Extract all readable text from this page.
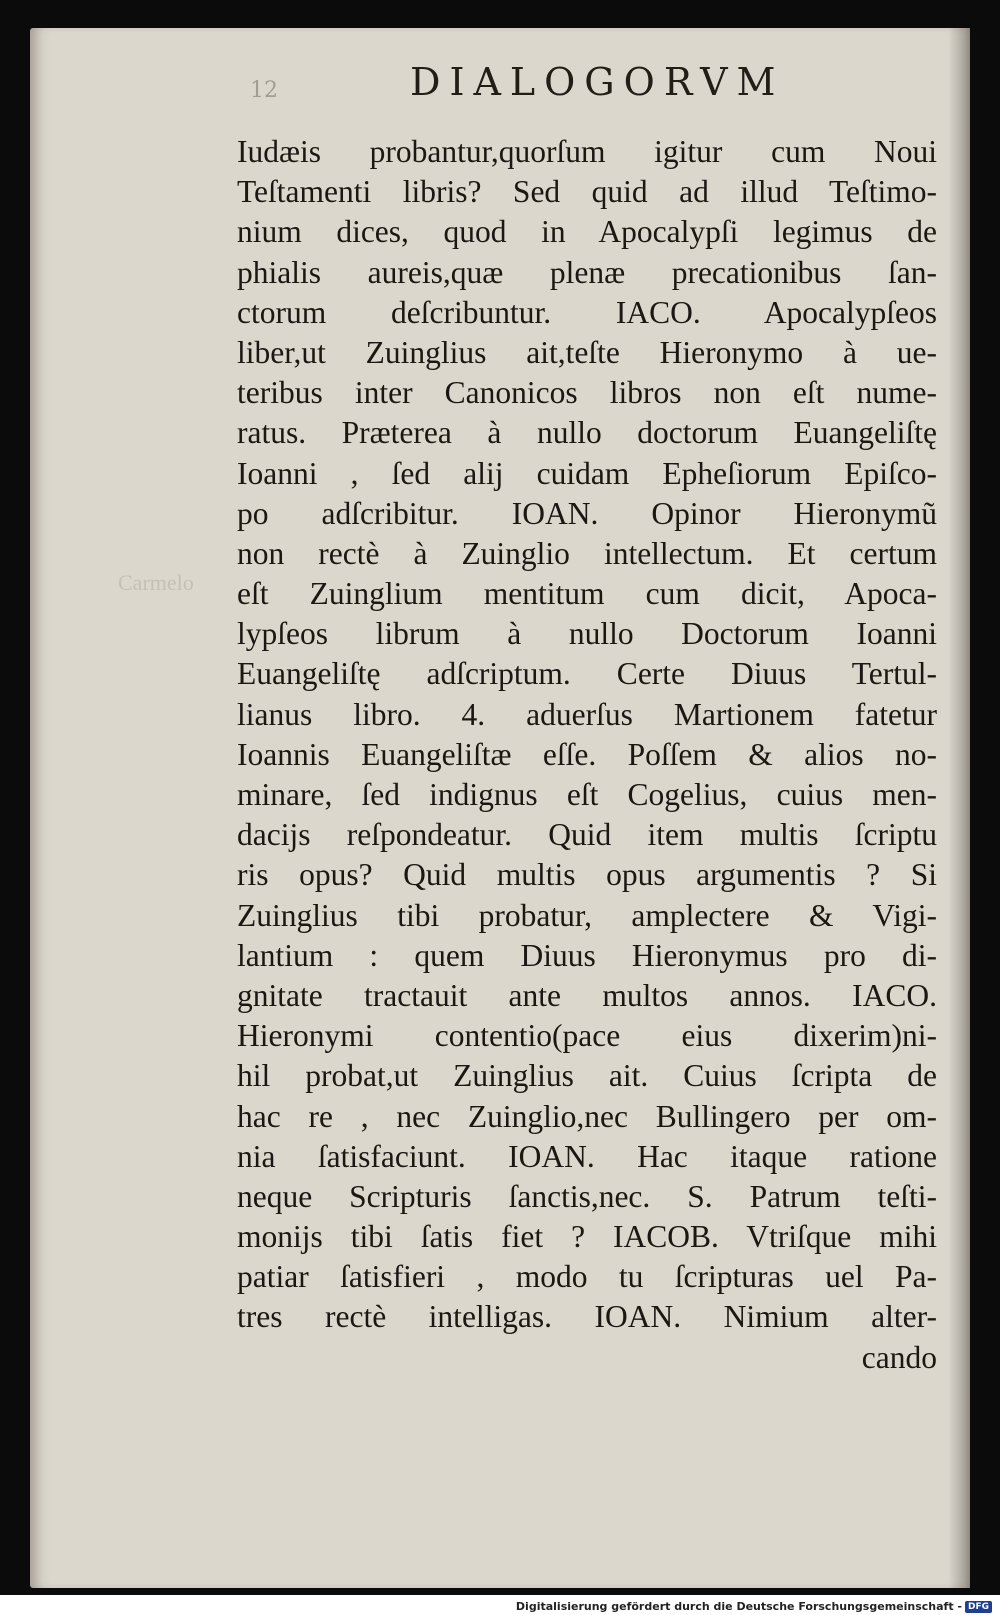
12	DIALOGORVM
Carmelo
Iudæis probantur,quorſum igitur cum Noui
Teſtamenti libris? Sed quid ad illud Teſtimo-
nium dices, quod in Apocalypſi legimus de
phialis aureis,quæ plenæ precationibus ſan-
ctorum deſcribuntur. IACO. Apocalypſeos
liber,ut Zuinglius ait,teſte Hieronymo à ue-
teribus inter Canonicos libros non eſt nume-
ratus. Præterea à nullo doctorum Euangeliſtę
Ioanni , ſed alij cuidam Epheſiorum Epiſco-
po adſcribitur. IOAN. Opinor Hieronymũ
non rectè à Zuinglio intellectum. Et certum
eſt Zuinglium mentitum cum dicit, Apoca-
lypſeos librum à nullo Doctorum Ioanni
Euangeliſtę adſcriptum. Certe Diuus Tertul-
lianus libro. 4. aduerſus Martionem fatetur
Ioannis Euangeliſtæ eſſe. Poſſem & alios no-
minare, ſed indignus eſt Cogelius, cuius men-
dacijs reſpondeatur. Quid item multis ſcriptu
ris opus? Quid multis opus argumentis ? Si
Zuinglius tibi probatur, amplectere & Vigi-
lantium : quem Diuus Hieronymus pro di-
gnitate tractauit ante multos annos. IACO.
Hieronymi contentio(pace eius dixerim)ni-
hil probat,ut Zuinglius ait. Cuius ſcripta de
hac re , nec Zuinglio,nec Bullingero per om-
nia ſatisfaciunt. IOAN. Hac itaque ratione
neque Scripturis ſanctis,nec. S. Patrum teſti-
monijs tibi ſatis fiet ? IACOB. Vtriſque mihi
patiar ſatisfieri , modo tu ſcripturas uel Pa-
tres rectè intelligas. IOAN. Nimium alter-
cando
Digitalisierung gefördert durch die Deutsche Forschungsgemeinschaft - DFG
